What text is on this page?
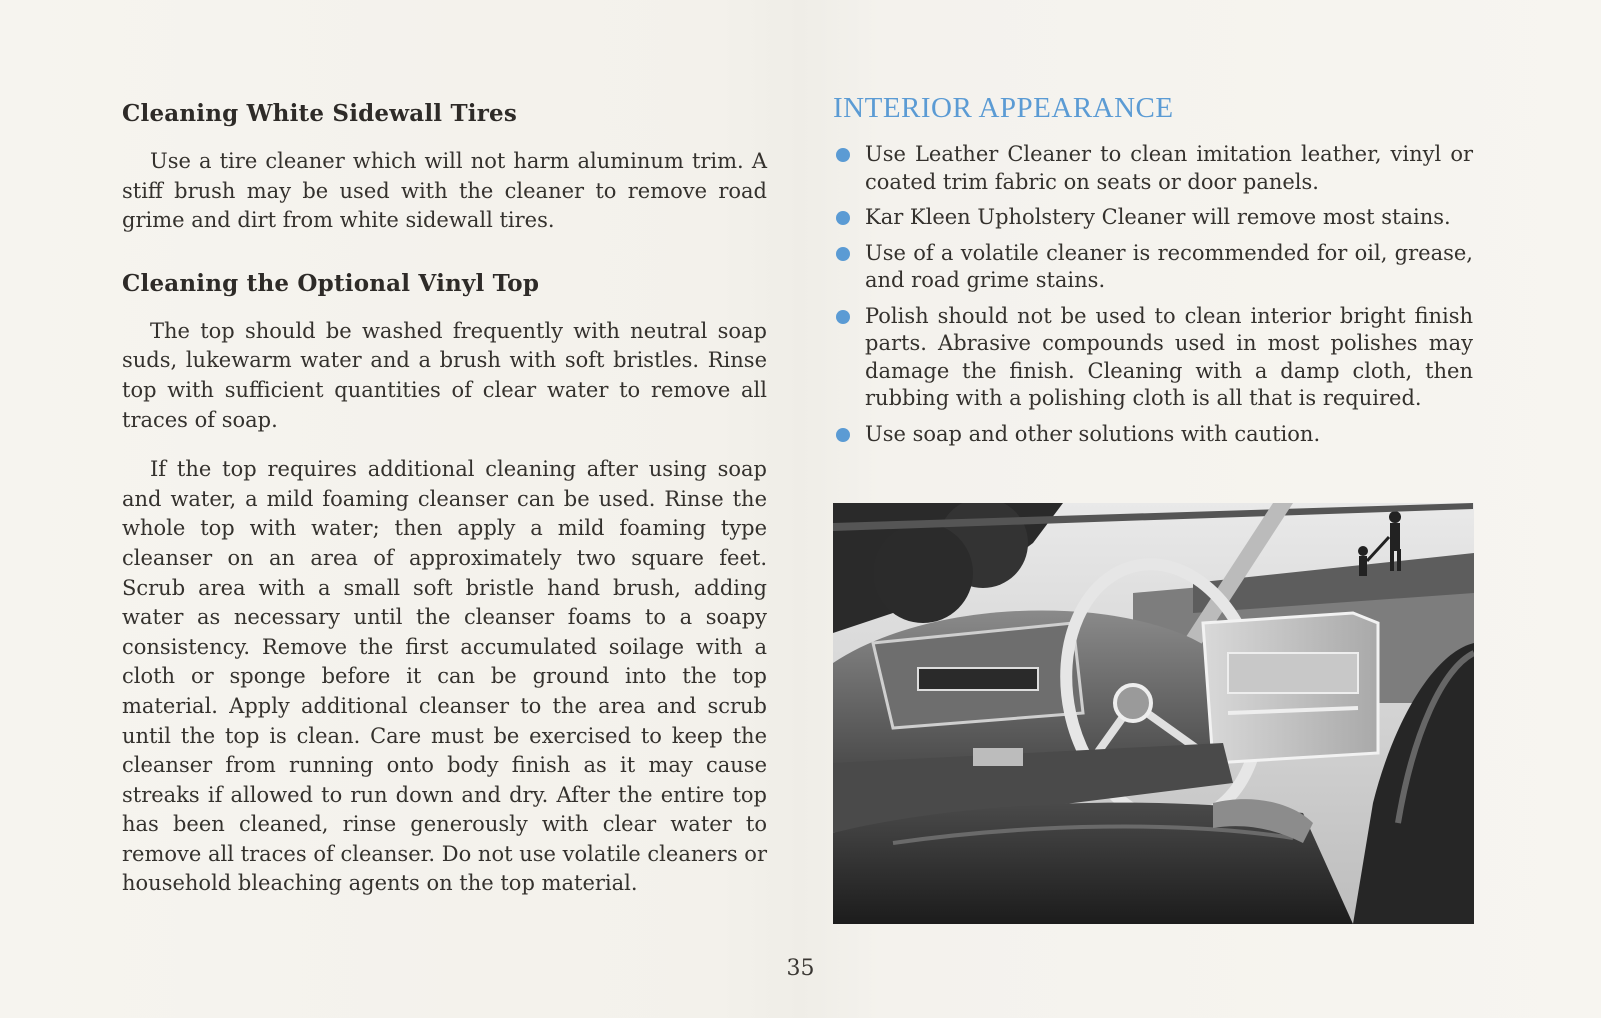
Cleaning White Sidewall Tires

Use a tire cleaner which will not harm aluminum trim. A stiff brush may be used with the cleaner to remove road grime and dirt from white sidewall tires.

Cleaning the Optional Vinyl Top

The top should be washed frequently with neutral soap suds, lukewarm water and a brush with soft bristles. Rinse top with sufficient quantities of clear water to remove all traces of soap.

If the top requires additional cleaning after using soap and water, a mild foaming cleanser can be used. Rinse the whole top with water; then apply a mild foaming type cleanser on an area of approximately two square feet. Scrub area with a small soft bristle hand brush, adding water as necessary until the cleanser foams to a soapy consistency. Remove the first accumulated soilage with a cloth or sponge before it can be ground into the top material. Apply additional cleanser to the area and scrub until the top is clean. Care must be exercised to keep the cleanser from running onto body finish as it may cause streaks if allowed to run down and dry. After the entire top has been cleaned, rinse generously with clear water to remove all traces of cleanser. Do not use volatile cleaners or household bleaching agents on the top material.

INTERIOR APPEARANCE
Use Leather Cleaner to clean imitation leather, vinyl or coated trim fabric on seats or door panels.
Kar Kleen Upholstery Cleaner will remove most stains.
Use of a volatile cleaner is recommended for oil, grease, and road grime stains.
Polish should not be used to clean interior bright finish parts. Abrasive compounds used in most polishes may damage the finish. Cleaning with a damp cloth, then rubbing with a polishing cloth is all that is required.
Use soap and other solutions with caution.
35
